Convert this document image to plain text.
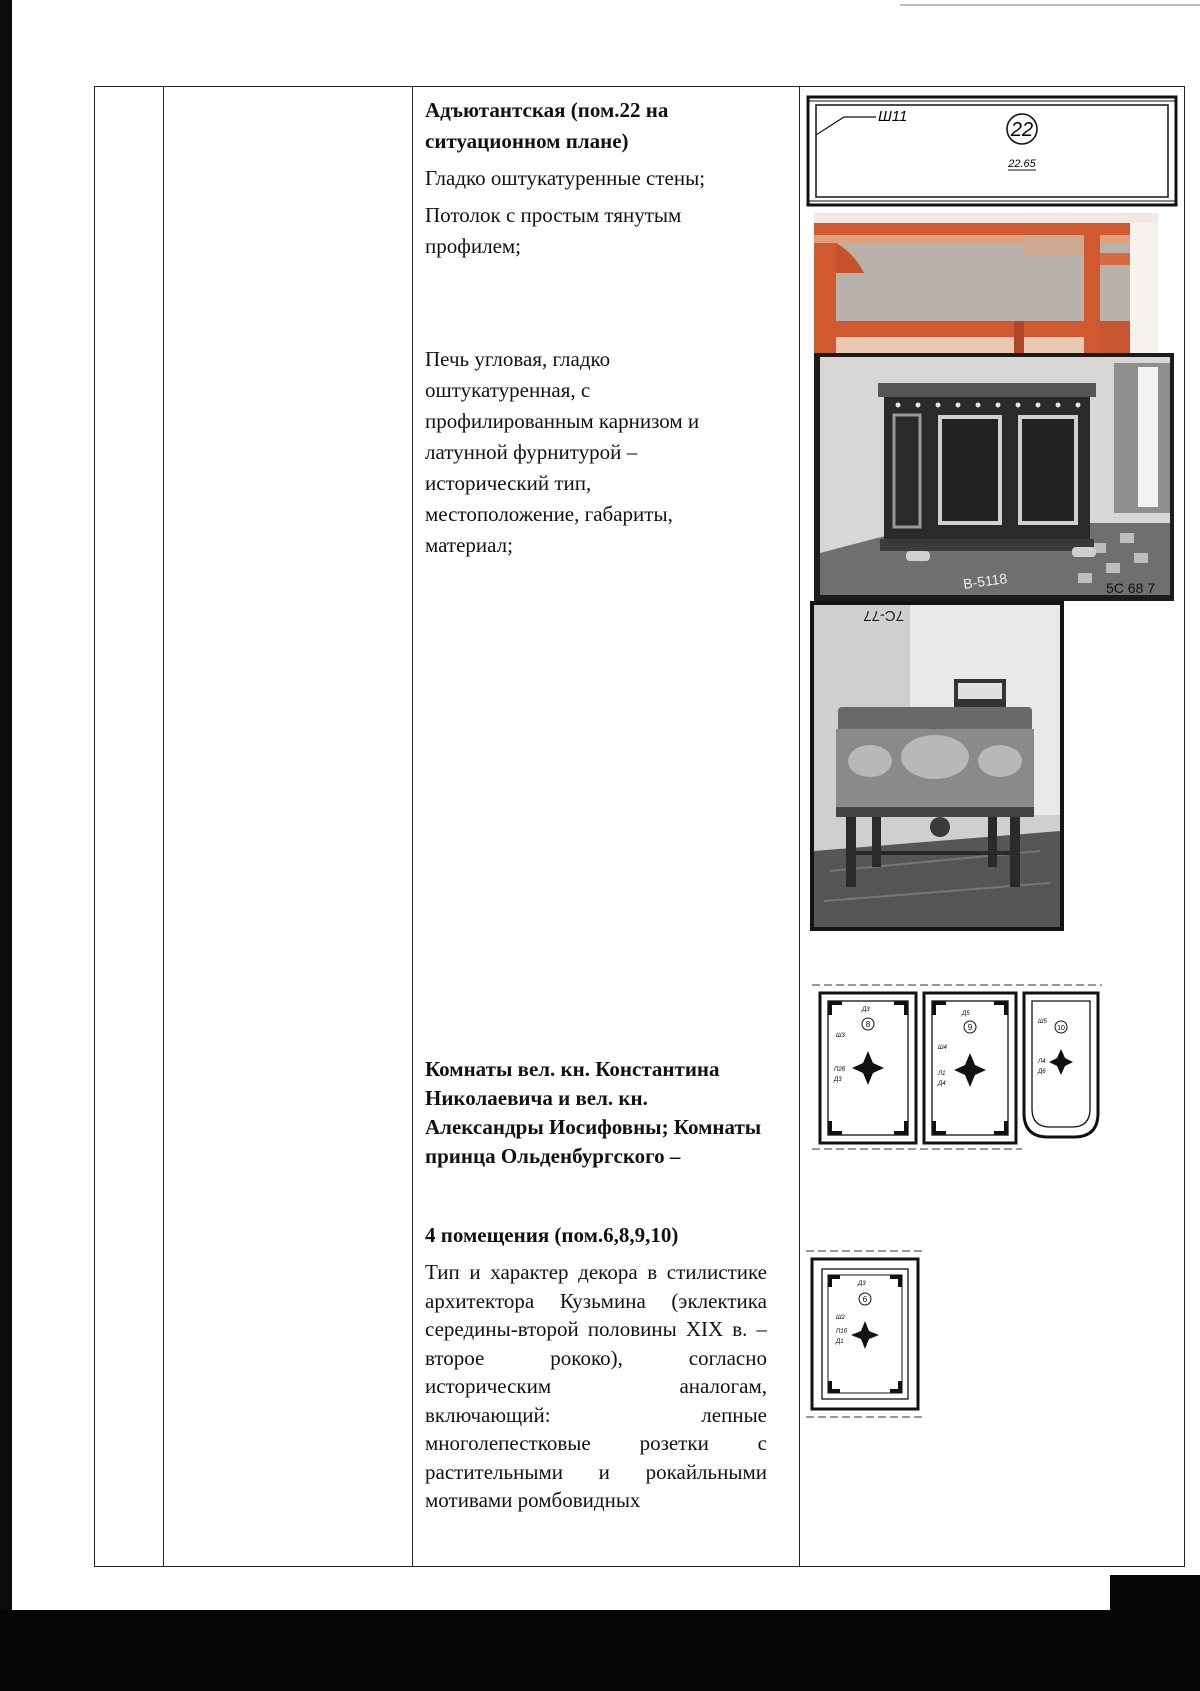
Адъютантская (пом.22 на ситуационном плане)

Гладко оштукатуренные стены;

Потолок с простым тянутым профилем;

Печь угловая, гладко оштукатуренная, с профилированным карнизом и латунной фурнитурой – исторический тип, местоположение, габариты, материал;

Комнаты вел. кн. Константина Николаевича и вел. кн. Александры Иосифовны; Комнаты принца Ольденбургского –

4 помещения (пом.6,8,9,10)

Тип и характер декора в стилистике архитектора Кузьмина (эклектика середины-второй половины XIX в. – второе рококо), согласно историческим аналогам, включающий: лепные многолепестковые розетки с растительными и рокайльными мотивами ромбовидных

Ш11
22
22.65
В-5118	5С 68 7
7С-77
8
Д3
Ш3
П2б
Д3
9
Д5
Ш4
Л1
Д4
10
Ш5
Л4
Д6
6
Д3
Ш2
П1б
Д1
